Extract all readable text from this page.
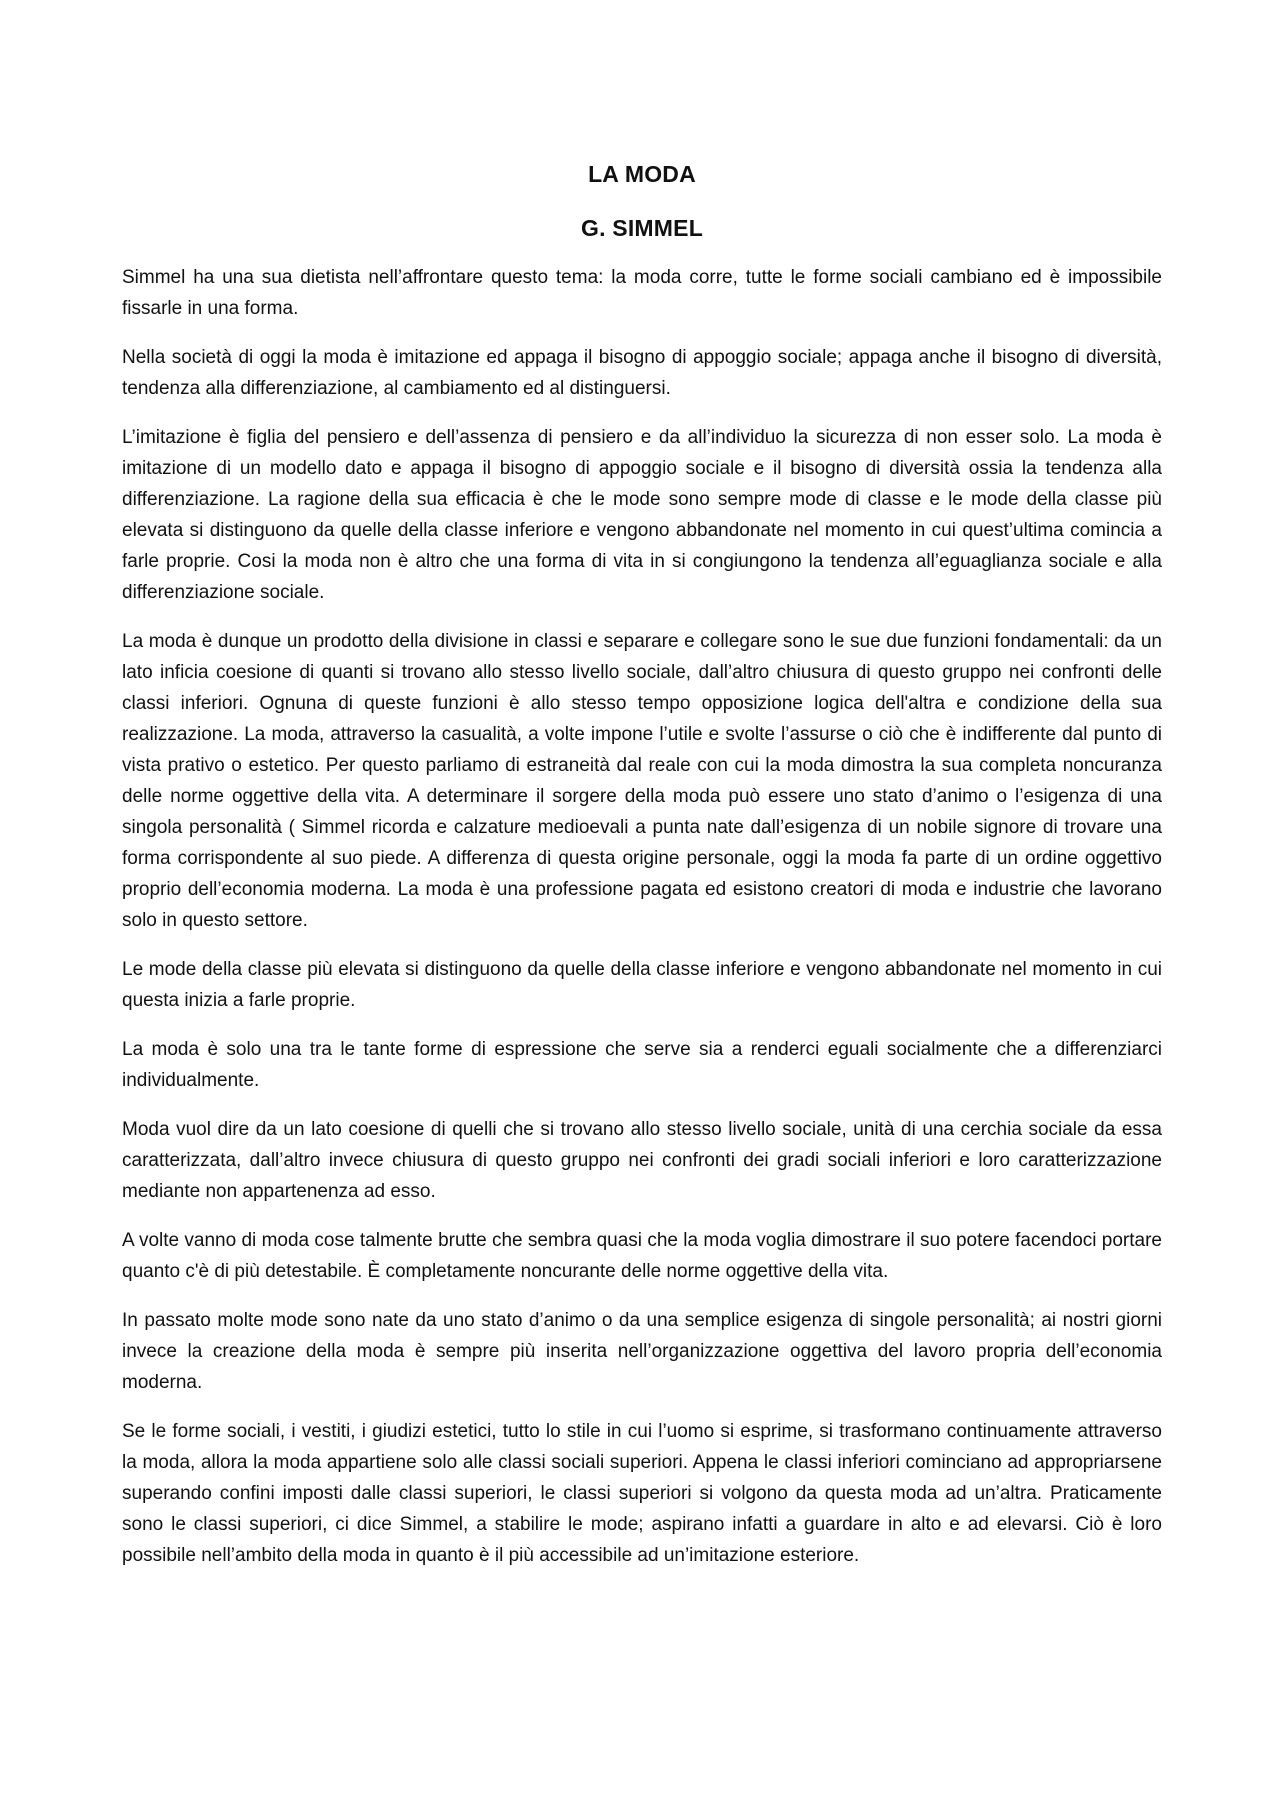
LA MODA
G. SIMMEL

Simmel ha una sua dietista nell’affrontare questo tema: la moda corre, tutte le forme sociali cambiano ed è impossibile fissarle in una forma.

Nella società di oggi la moda è imitazione ed appaga il bisogno di appoggio sociale; appaga anche il bisogno di diversità, tendenza alla differenziazione, al cambiamento ed al distinguersi.

L’imitazione è figlia del pensiero e dell’assenza di pensiero e da all’individuo la sicurezza di non esser solo. La moda è imitazione di un modello dato e appaga il bisogno di appoggio sociale e il bisogno di diversità ossia la tendenza alla differenziazione. La ragione della sua efficacia è che le mode sono sempre mode di classe e le mode della classe più elevata si distinguono da quelle della classe inferiore e vengono abbandonate nel momento in cui quest’ultima comincia a farle proprie. Cosi la moda non è altro che una forma di vita in si congiungono la tendenza all’eguaglianza sociale e alla differenziazione sociale.

La moda è dunque un prodotto della divisione in classi e separare e collegare sono le sue due funzioni fondamentali: da un lato inficia coesione di quanti si trovano allo stesso livello sociale, dall’altro chiusura di questo gruppo nei confronti delle classi inferiori. Ognuna di queste funzioni è allo stesso tempo opposizione logica dell'altra e condizione della sua realizzazione. La moda, attraverso la casualità, a volte impone l’utile e svolte l’assurse o ciò che è indifferente dal punto di vista prativo o estetico. Per questo parliamo di estraneità dal reale con cui la moda dimostra la sua completa noncuranza delle norme oggettive della vita. A determinare il sorgere della moda può essere uno stato d’animo o l’esigenza di una singola personalità ( Simmel ricorda e calzature medioevali a punta nate dall’esigenza di un nobile signore di trovare una forma corrispondente al suo piede. A differenza di questa origine personale, oggi la moda fa parte di un ordine oggettivo proprio dell’economia moderna. La moda è una professione pagata ed esistono creatori di moda e industrie che lavorano solo in questo settore.

Le mode della classe più elevata si distinguono da quelle della classe inferiore e vengono abbandonate nel momento in cui questa inizia a farle proprie.

La moda è solo una tra le tante forme di espressione che serve sia a renderci eguali socialmente che a differenziarci individualmente.

Moda vuol dire da un lato coesione di quelli che si trovano allo stesso livello sociale, unità di una cerchia sociale da essa caratterizzata, dall’altro invece chiusura di questo gruppo nei confronti dei gradi sociali inferiori e loro caratterizzazione mediante non appartenenza ad esso.

A volte vanno di moda cose talmente brutte che sembra quasi che la moda voglia dimostrare il suo potere facendoci portare quanto c'è di più detestabile. È completamente noncurante delle norme oggettive della vita.

In passato molte mode sono nate da uno stato d’animo o da una semplice esigenza di singole personalità; ai nostri giorni invece la creazione della moda è sempre più inserita nell’organizzazione oggettiva del lavoro propria dell’economia moderna.

Se le forme sociali, i vestiti, i giudizi estetici, tutto lo stile in cui l’uomo si esprime, si trasformano continuamente attraverso la moda, allora la moda appartiene solo alle classi sociali superiori. Appena le classi inferiori cominciano ad appropriarsene superando confini imposti dalle classi superiori, le classi superiori si volgono da questa moda ad un’altra. Praticamente sono le classi superiori, ci dice Simmel, a stabilire le mode; aspirano infatti a guardare in alto e ad elevarsi. Ciò è loro possibile nell’ambito della moda in quanto è il più accessibile ad un’imitazione esteriore.
